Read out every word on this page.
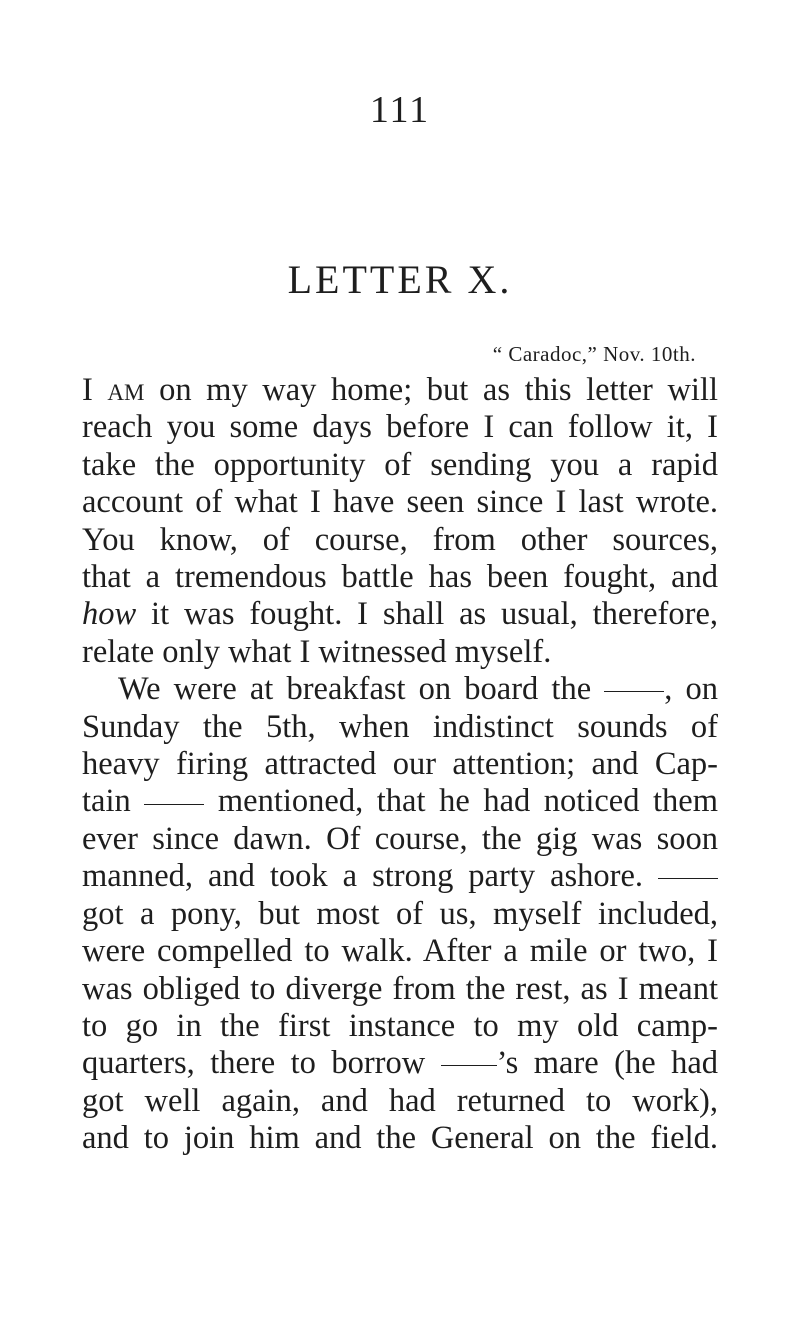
111
LETTER X.
“ Caradoc,” Nov. 10th.
I am on my way home; but as this letter will
reach you some days before I can follow it, I
take the opportunity of sending you a rapid
account of what I have seen since I last wrote.
You know, of course, from other sources,
that a tremendous battle has been fought, and
how it was fought. I shall as usual, therefore,
relate only what I witnessed myself.
We were at breakfast on board the , on
Sunday the 5th, when indistinct sounds of
heavy firing attracted our attention; and Cap-
tain	mentioned, that he had noticed them
ever since dawn. Of course, the gig was soon
manned, and took a strong party ashore.
got a pony, but most of us, myself included,
were compelled to walk. After a mile or two, I
was obliged to diverge from the rest, as I meant
to go in the first instance to my old camp-
quarters, there to borrow ’s mare (he had
got well again, and had returned to work),
and to join him and the General on the field.
